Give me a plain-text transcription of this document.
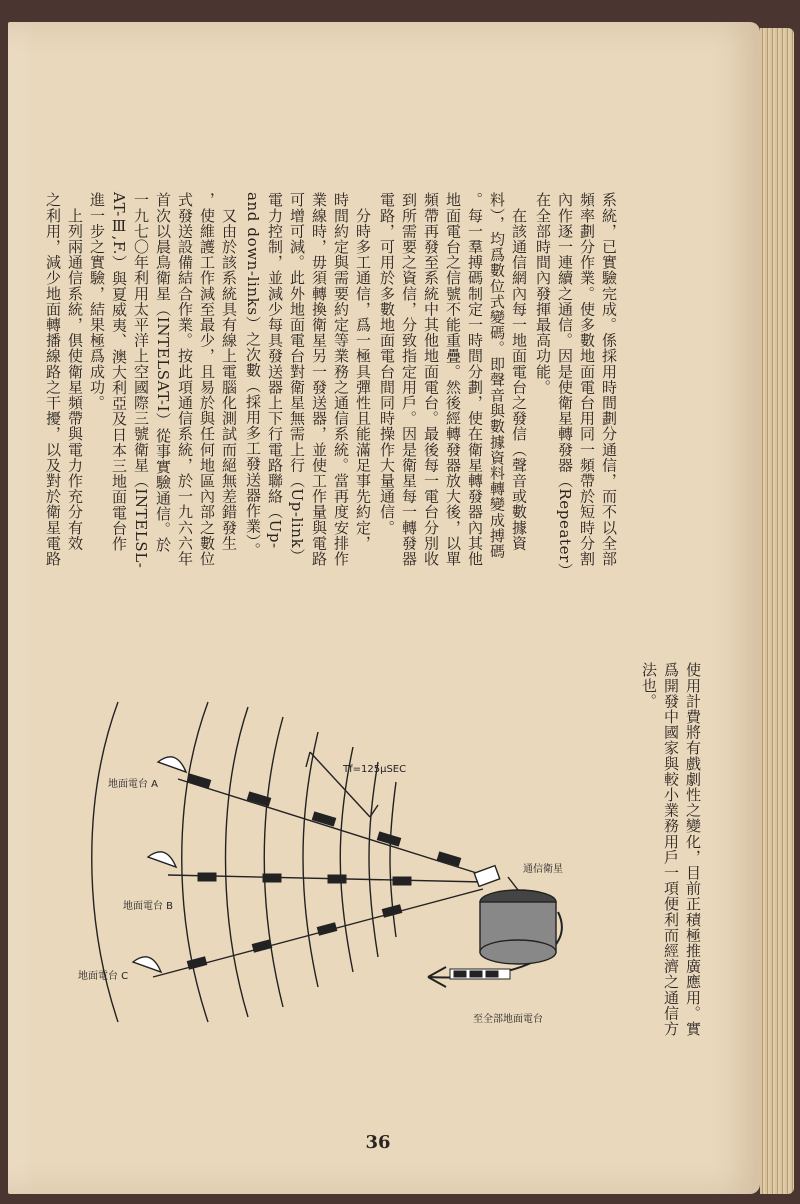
系統，已實驗完成。係採用時間劃分通信，而不以全部
頻率劃分作業。使多數地面電台用同一頻帶於短時分割
內作逐一連續之通信。因是使衛星轉發器（Repeater）
在全部時間內發揮最高功能。
　在該通信網內每一地面電台之發信（聲音或數據資
料），均爲數位式變碼。即聲音與數據資料轉變成搏碼
。每一羣搏碼制定一時間分劃，使在衛星轉發器內其他
地面電台之信號不能重疊。然後經轉發器放大後，以單
頻帶再發至系統中其他地面電台。最後每一電台分別收
到所需要之資信，分致指定用戶。因是衛星每一轉發器
電路，可用於多數地面電台間同時操作大量通信。
　分時多工通信，爲一極具彈性且能滿足事先約定，
時間約定與需要約定等業務之通信系統。當再度安排作
業線時，毋須轉換衛星另一發送器，並使工作量與電路
可增可減。此外地面電台對衛星無需上行（Up-link）
電力控制，並減少每具發送器上下行電路聯絡（Up-
and down-links）之次數（採用多工發送器作業）。
　又由於該系統具有線上電腦化測試而絕無差錯發生
，使維護工作減至最少，且易於與任何地區內部之數位
式發送設備結合作業。按此項通信系統，於一九六六年
首次以晨鳥衛星（INTELSAT-I）從事實驗通信。於
一九七〇年利用太平洋上空國際三號衛星（INTELSL-
AT-Ⅲ,F.）與夏威夷、澳大利亞及日本三地面電台作
進一步之實驗，結果極爲成功。
　上列兩通信系統，俱使衛星頻帶與電力作充分有效
之利用，減少地面轉播線路之干擾，以及對於衛星電路
使用計費將有戲劇性之變化，目前正積極推廣應用。實
爲開發中國家與較小業務用戶一項便利而經濟之通信方
法也。
地面電台 A
地面電台 B
地面電台 C
通信衛星
至全部地面電台
Tf=125μSEC
36
